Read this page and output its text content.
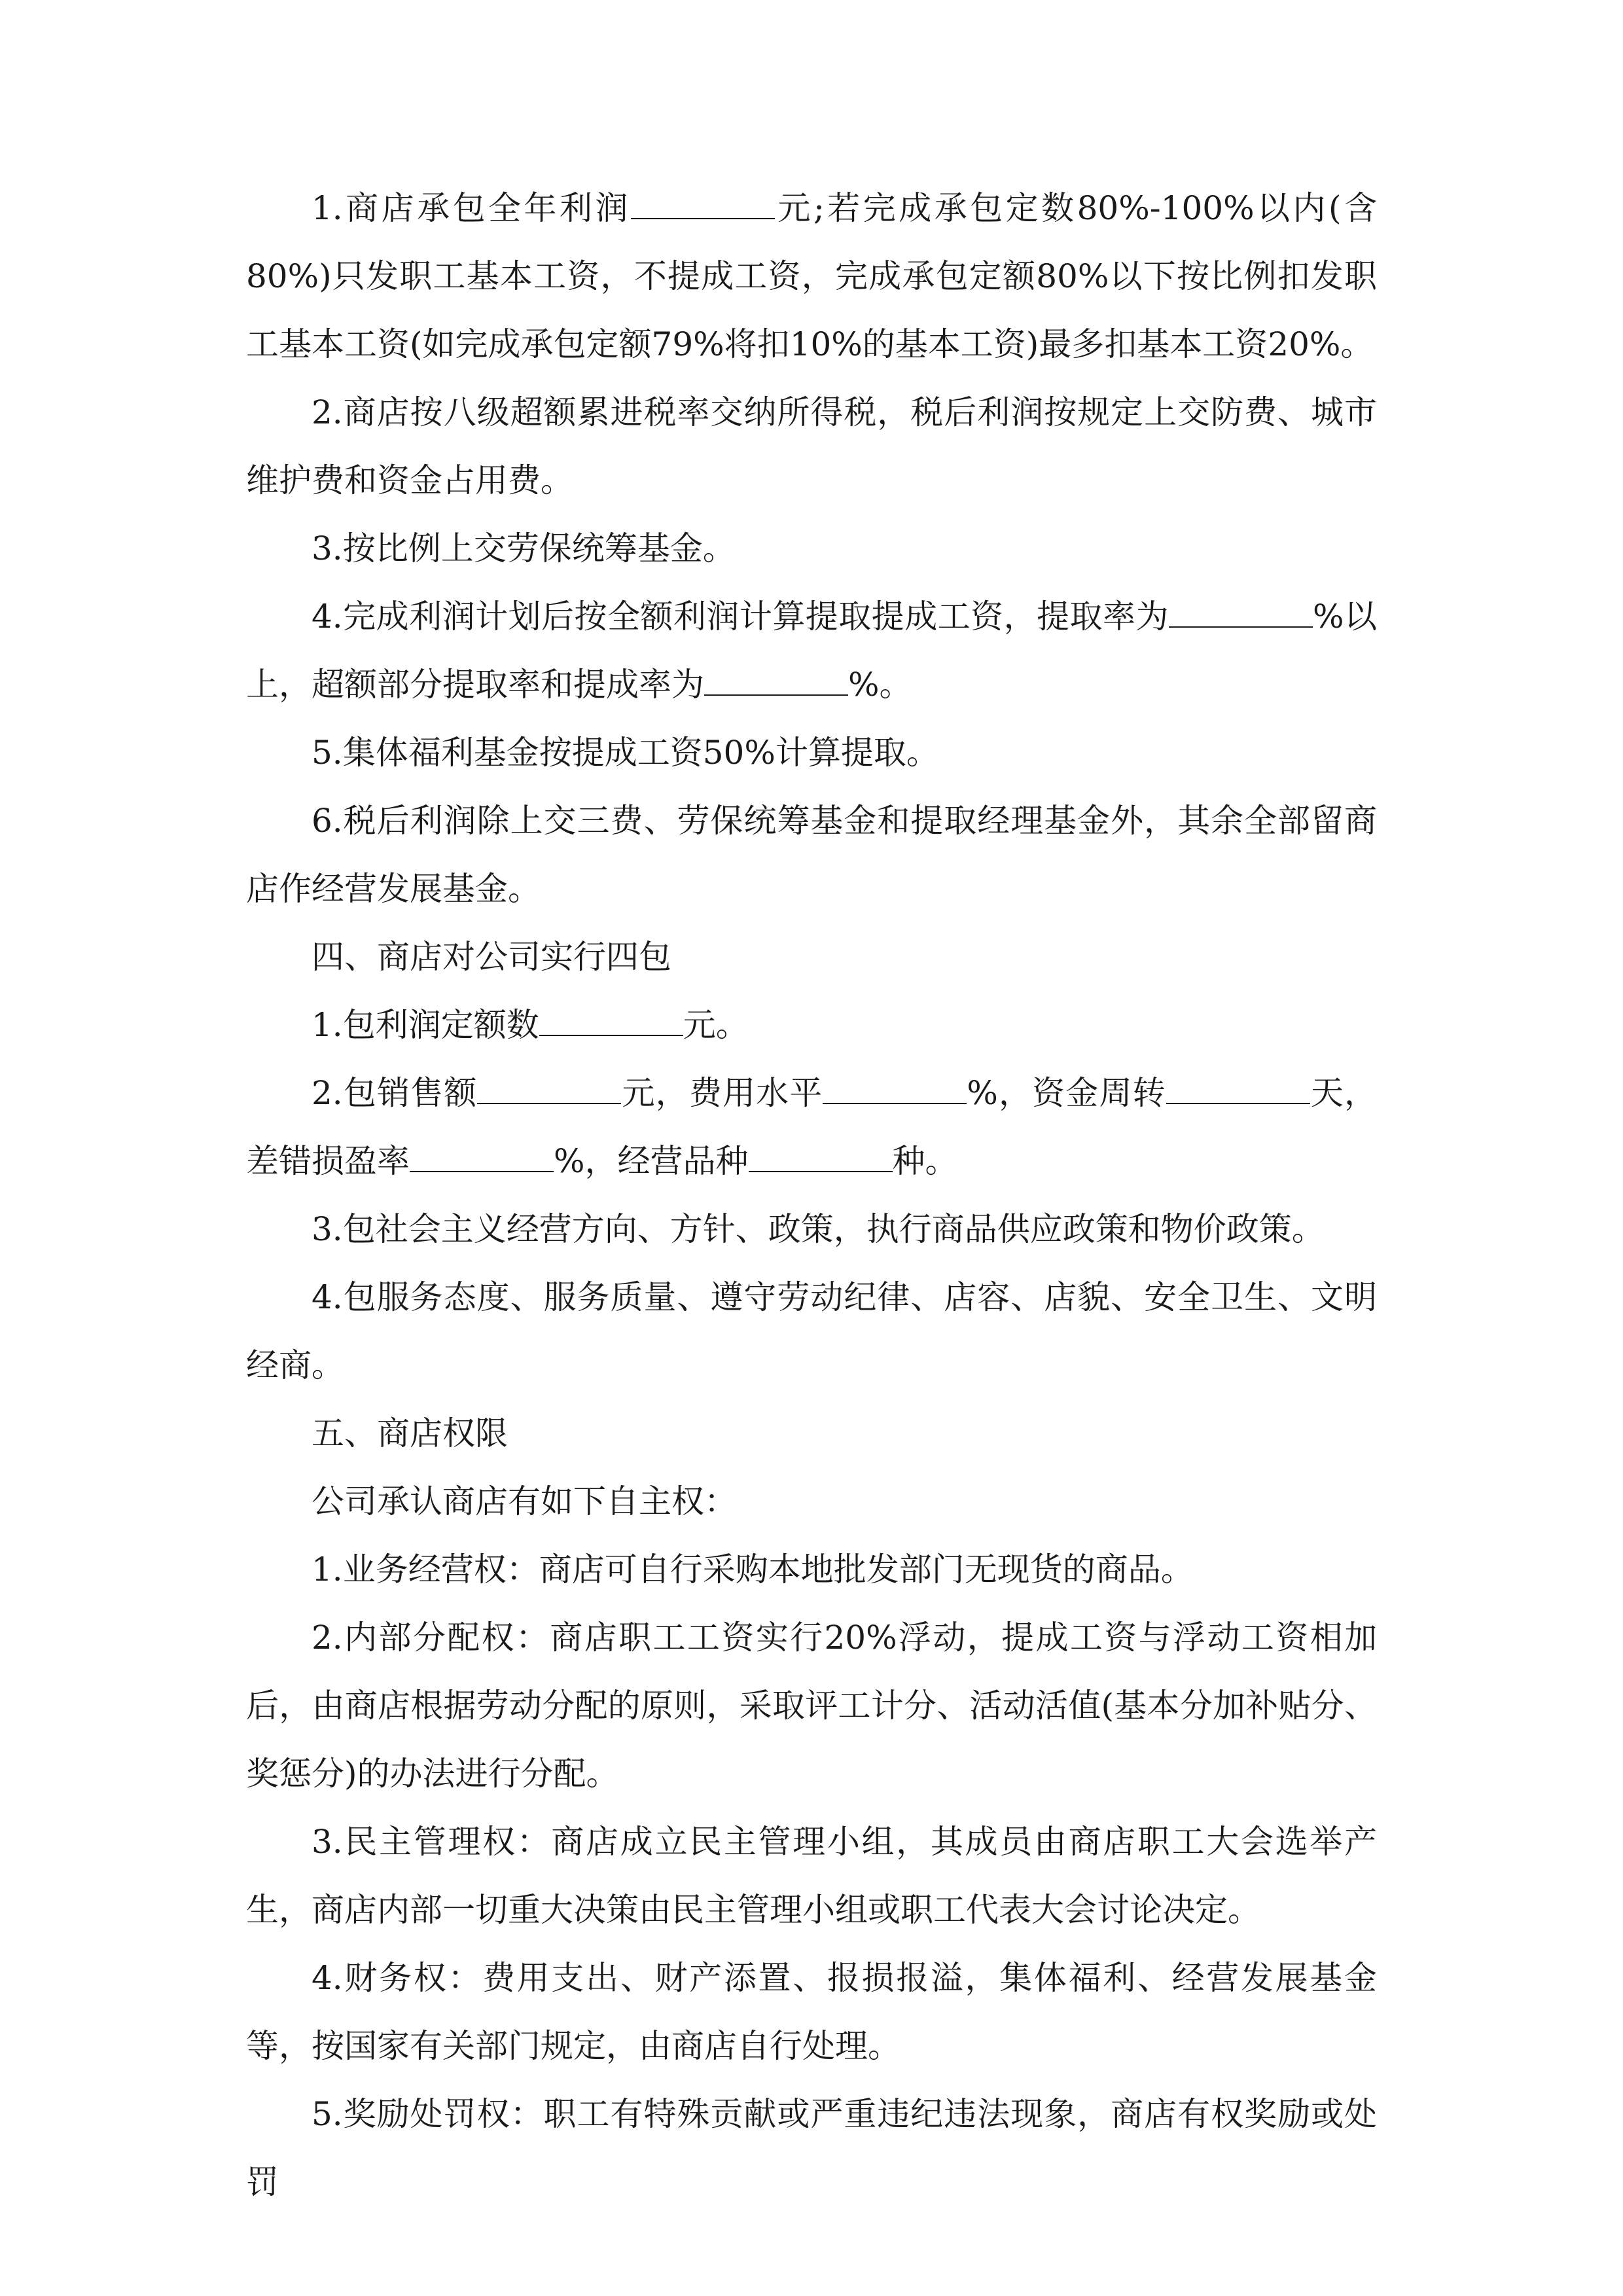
1.商店承包全年利润	元;若完成承包定数80%-100%以内(含80%)只发职工基本工资，不提成工资，完成承包定额80%以下按比例扣发职工基本工资(如完成承包定额79%将扣10%的基本工资)最多扣基本工资20%。

2.商店按八级超额累进税率交纳所得税，税后利润按规定上交防费、城市维护费和资金占用费。

3.按比例上交劳保统筹基金。

4.完成利润计划后按全额利润计算提取提成工资，提取率为	%以上，超额部分提取率和提成率为	%。

5.集体福利基金按提成工资50%计算提取。

6.税后利润除上交三费、劳保统筹基金和提取经理基金外，其余全部留商店作经营发展基金。

四、商店对公司实行四包

1.包利润定额数	元。

2.包销售额	元，费用水平	%，资金周转	天，差错损盈率	%，经营品种	种。

3.包社会主义经营方向、方针、政策，执行商品供应政策和物价政策。

4.包服务态度、服务质量、遵守劳动纪律、店容、店貌、安全卫生、文明经商。

五、商店权限

公司承认商店有如下自主权：

1.业务经营权：商店可自行采购本地批发部门无现货的商品。

2.内部分配权：商店职工工资实行20%浮动，提成工资与浮动工资相加后，由商店根据劳动分配的原则，采取评工计分、活动活值(基本分加补贴分、奖惩分)的办法进行分配。

3.民主管理权：商店成立民主管理小组，其成员由商店职工大会选举产生，商店内部一切重大决策由民主管理小组或职工代表大会讨论决定。

4.财务权：费用支出、财产添置、报损报溢，集体福利、经营发展基金等，按国家有关部门规定，由商店自行处理。

5.奖励处罚权：职工有特殊贡献或严重违纪违法现象，商店有权奖励或处罚
